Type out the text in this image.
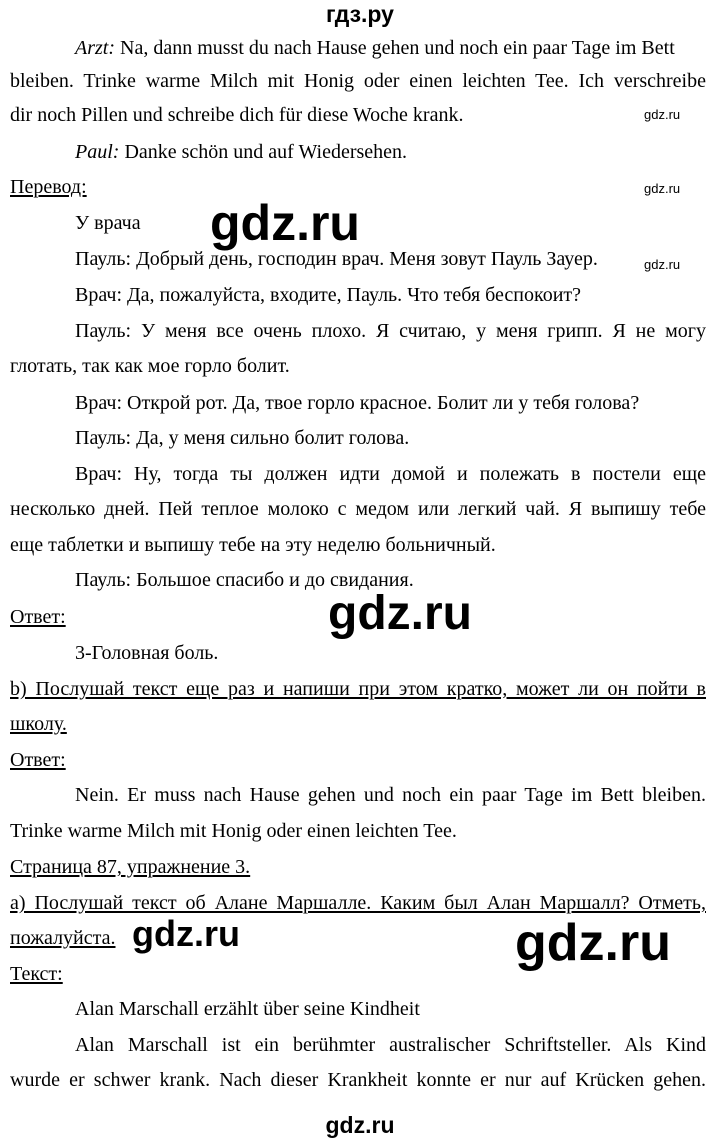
гдз.ру
Arzt: Na, dann musst du nach Hause gehen und noch ein paar Tage im Bett
bleiben. Trinke warme Milch mit Honig oder einen leichten Tee. Ich verschreibe
dir noch Pillen und schreibe dich für diese Woche krank.	gdz.ru
Paul: Danke schön und auf Wiedersehen.
Перевод:	gdz.ru
У врача gdz.ru
Пауль: Добрый день, господин врач. Меня зовут Пауль Зауер.	gdz.ru
Врач: Да, пожалуйста, входите, Пауль. Что тебя беспокоит?
Пауль: У меня все очень плохо. Я считаю, у меня грипп. Я не могу
глотать, так как мое горло болит.
Врач: Открой рот. Да, твое горло красное. Болит ли у тебя голова?
Пауль: Да, у меня сильно болит голова.
Врач: Ну, тогда ты должен идти домой и полежать в постели еще
несколько дней. Пей теплое молоко с медом или легкий чай. Я выпишу тебе
еще таблетки и выпишу тебе на эту неделю больничный.
Пауль: Большое спасибо и до свидания.
Ответ:	gdz.ru
3-Головная боль.
b) Послушай текст еще раз и напиши при этом кратко, может ли он пойти в
школу.
Ответ:
Nein. Er muss nach Hause gehen und noch ein paar Tage im Bett bleiben.
Trinke warme Milch mit Honig oder einen leichten Tee.
Страница 87, упражнение 3.
а) Послушай текст об Алане Маршалле. Каким был Алан Маршалл? Отметь,
пожалуйста. gdz.ru	gdz.ru
Текст:
Alan Marschall erzählt über seine Kindheit
Alan Marschall ist ein berühmter australischer Schriftsteller. Als Kind
wurde er schwer krank. Nach dieser Krankheit konnte er nur auf Krücken gehen.
gdz.ru
